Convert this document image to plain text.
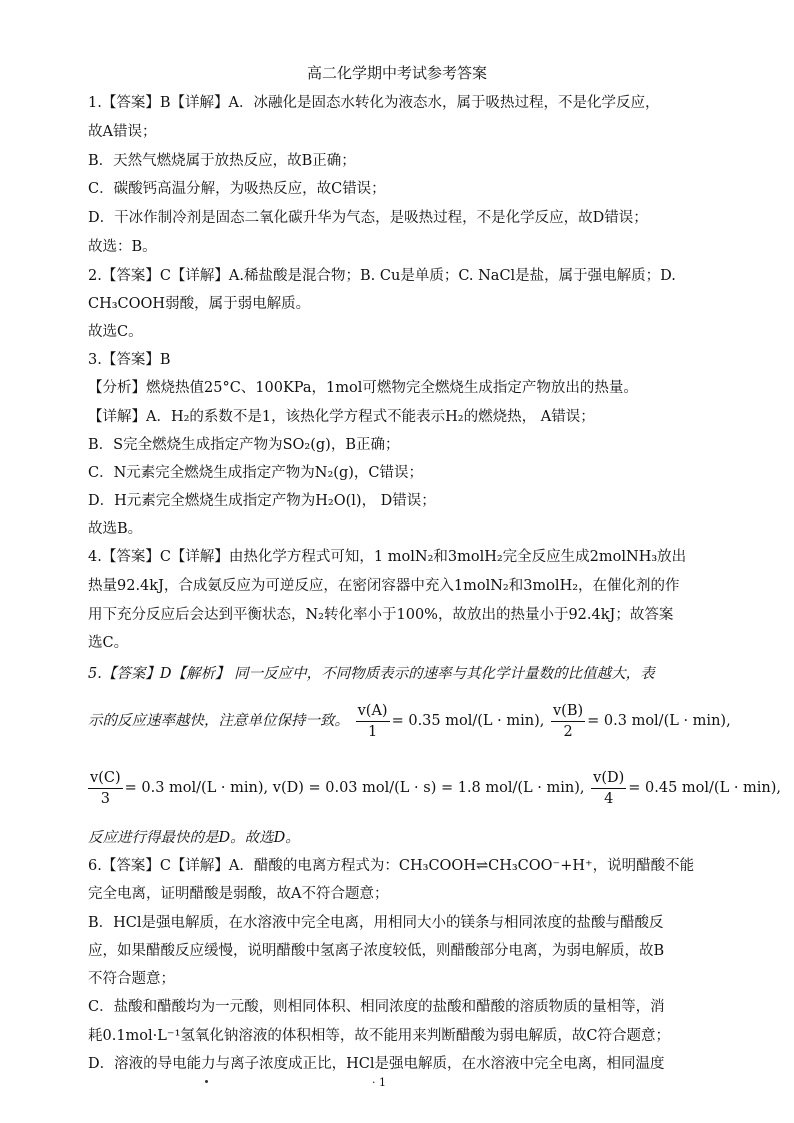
高二化学期中考试参考答案
1.【答案】B【详解】A．冰融化是固态水转化为液态水，属于吸热过程，不是化学反应，
故A错误；
B．天然气燃烧属于放热反应，故B正确；
C．碳酸钙高温分解，为吸热反应，故C错误；
D．干冰作制冷剂是固态二氧化碳升华为气态，是吸热过程，不是化学反应，故D错误；
故选：B。
2.【答案】C【详解】A.稀盐酸是混合物；B. Cu是单质；C. NaCl是盐，属于强电解质；D.
CH₃COOH弱酸，属于弱电解质。
故选C。
3.【答案】B
【分析】燃烧热值25°C、100KPa，1mol可燃物完全燃烧生成指定产物放出的热量。
【详解】A．H₂的系数不是1，该热化学方程式不能表示H₂的燃烧热， A错误；
B．S完全燃烧生成指定产物为SO₂(g)，B正确；
C．N元素完全燃烧生成指定产物为N₂(g)，C错误；
D．H元素完全燃烧生成指定产物为H₂O(l)， D错误；
故选B。
4.【答案】C【详解】由热化学方程式可知，1 molN₂和3molH₂完全反应生成2molNH₃放出
热量92.4kJ，合成氨反应为可逆反应，在密闭容器中充入1molN₂和3molH₂，在催化剂的作
用下充分反应后会达到平衡状态，N₂转化率小于100%，故放出的热量小于92.4kJ；故答案
选C。
5.【答案】D【解析】 同一反应中，不同物质表示的速率与其化学计量数的比值越大，表
示的反应速率越快，注意单位保持一致。 $\frac{v(A)}{1} = 0.35$ mol/(L · min), $\frac{v(B)}{2} = 0.3$ mol/(L · min),
$\frac{v(C)}{3} = 0.3$ mol/(L · min), v(D) = 0.03 mol/(L · s) = 1.8 mol/(L · min), $\frac{v(D)}{4} = 0.45$ mol/(L · min),
反应进行得最快的是D。故选D。
6.【答案】C【详解】A．醋酸的电离方程式为：CH₃COOH⇌CH₃COO⁻+H⁺，说明醋酸不能
完全电离，证明醋酸是弱酸，故A不符合题意；
B．HCl是强电解质，在水溶液中完全电离，用相同大小的镁条与相同浓度的盐酸与醋酸反
应，如果醋酸反应缓慢，说明醋酸中氢离子浓度较低，则醋酸部分电离，为弱电解质，故B
不符合题意；
C．盐酸和醋酸均为一元酸，则相同体积、相同浓度的盐酸和醋酸的溶质物质的量相等，消
耗0.1mol·L⁻¹氢氧化钠溶液的体积相等，故不能用来判断醋酸为弱电解质，故C符合题意；
D．溶液的导电能力与离子浓度成正比，HCl是强电解质，在水溶液中完全电离，相同温度
· 1
